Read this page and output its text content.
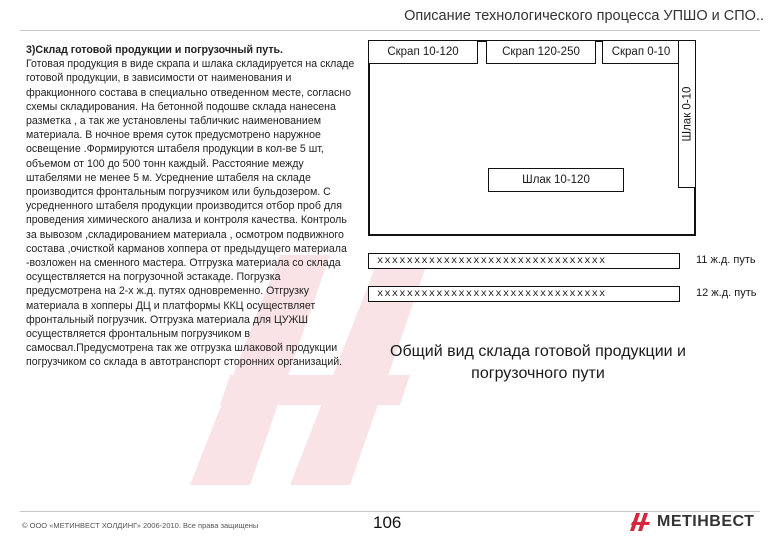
Описание технологического процесса УПШО и СПО..
3)Склад готовой продукции и погрузочный путь.
Готовая продукция в виде скрапа и шлака складируется на складе готовой продукции, в зависимости от наименования и фракционного состава в специально отведенном месте, согласно схемы складирования. На бетонной подошве склада нанесена разметка , а так же установлены табличкис наименованием материала. В ночное время суток предусмотрено наружное освещение .Формируются штабеля продукции в кол-ве 5 шт, объемом от 100 до 500 тонн каждый. Расстояние между штабелями не менее 5 м. Усреднение штабеля на складе производится фронтальным погрузчиком или бульдозером. С усредненного штабеля продукции производится отбор проб для проведения химического анализа и контроля качества. Контроль за вывозом ,складированием материала , осмотром подвижного состава ,очисткой карманов хоппера от предыдущего материала -возложен на сменного мастера. Отгрузка материала со склада осуществляется на погрузочной эстакаде. Погрузка предусмотрена на 2-х ж.д. путях одновременно. Отгрузку материала в хопперы ДЦ и платформы ККЦ осуществляет фронтальный погрузчик. Отгрузка материала для ЦУЖШ осуществляется фронтальным погрузчиком в самосвал.Предусмотрена так же отгрузка шлаковой продукции погрузчиком со склада в автотранспорт сторонних организаций.
Скрап 10-120	Скрап 120-250	Скрап 0-10
Шлак 0-10
Шлак 10-120
xxxxxxxxxxxxxxxxxxxxxxxxxxxxxxx	11 ж.д. путь
xxxxxxxxxxxxxxxxxxxxxxxxxxxxxxx	12 ж.д. путь
Общий вид склада готовой продукции и погрузочного пути
© ООО «МЕТИНВЕСТ ХОЛДИНГ» 2006-2010. Все права защищены	106	МЕТІНВЕСТ
